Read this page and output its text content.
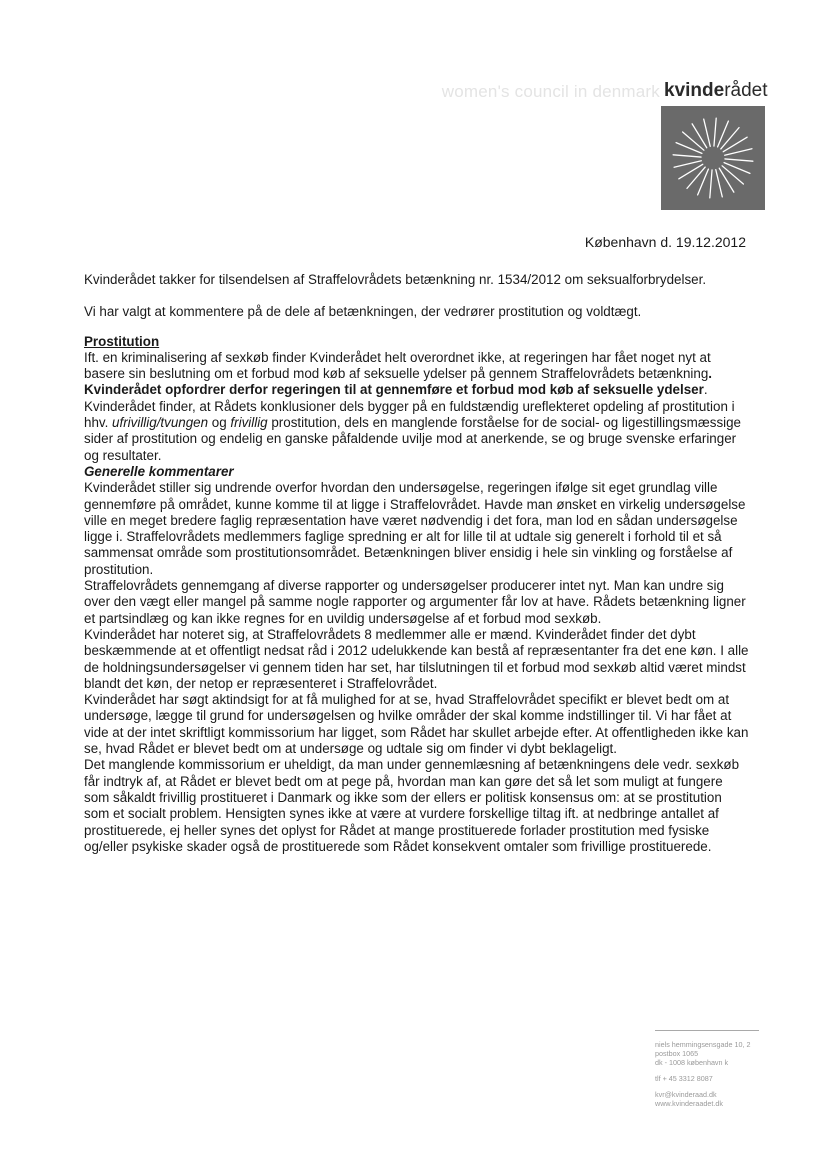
women's council in denmark kvinderådet
København d. 19.12.2012

Kvinderådet takker for tilsendelsen af Straffelovrådets betænkning nr. 1534/2012 om seksualforbrydelser.

Vi har valgt at kommentere på de dele af betænkningen, der vedrører prostitution og voldtægt.

Prostitution

Ift. en kriminalisering af sexkøb finder Kvinderådet helt overordnet ikke, at regeringen har fået noget nyt at basere sin beslutning om et forbud mod køb af seksuelle ydelser på gennem Straffelovrådets betænkning. Kvinderådet opfordrer derfor regeringen til at gennemføre et forbud mod køb af seksuelle ydelser.

Kvinderådet finder, at Rådets konklusioner dels bygger på en fuldstændig ureflekteret opdeling af prostitution i hhv. ufrivillig/tvungen og frivillig prostitution, dels en manglende forståelse for de social- og ligestillingsmæssige sider af prostitution og endelig en ganske påfaldende uvilje mod at anerkende, se og bruge svenske erfaringer og resultater.

Generelle kommentarer

Kvinderådet stiller sig undrende overfor hvordan den undersøgelse, regeringen ifølge sit eget grundlag ville gennemføre på området, kunne komme til at ligge i Straffelovrådet. Havde man ønsket en virkelig undersøgelse ville en meget bredere faglig repræsentation have været nødvendig i det fora, man lod en sådan undersøgelse ligge i. Straffelovrådets medlemmers faglige spredning er alt for lille til at udtale sig generelt i forhold til et så sammensat område som prostitutionsområdet. Betænkningen bliver ensidig i hele sin vinkling og forståelse af prostitution.

Straffelovrådets gennemgang af diverse rapporter og undersøgelser producerer intet nyt. Man kan undre sig over den vægt eller mangel på samme nogle rapporter og argumenter får lov at have. Rådets betænkning ligner et partsindlæg og kan ikke regnes for en uvildig undersøgelse af et forbud mod sexkøb.

Kvinderådet har noteret sig, at Straffelovrådets 8 medlemmer alle er mænd. Kvinderådet finder det dybt beskæmmende at et offentligt nedsat råd i 2012 udelukkende kan bestå af repræsentanter fra det ene køn. I alle de holdningsundersøgelser vi gennem tiden har set, har tilslutningen til et forbud mod sexkøb altid været mindst blandt det køn, der netop er repræsenteret i Straffelovrådet.

Kvinderådet har søgt aktindsigt for at få mulighed for at se, hvad Straffelovrådet specifikt er blevet bedt om at undersøge, lægge til grund for undersøgelsen og hvilke områder der skal komme indstillinger til. Vi har fået at vide at der intet skriftligt kommissorium har ligget, som Rådet har skullet arbejde efter. At offentligheden ikke kan se, hvad Rådet er blevet bedt om at undersøge og udtale sig om finder vi dybt beklageligt.

Det manglende kommissorium er uheldigt, da man under gennemlæsning af betænkningens dele vedr. sexkøb får indtryk af, at Rådet er blevet bedt om at pege på, hvordan man kan gøre det så let som muligt at fungere som såkaldt frivillig prostitueret i Danmark og ikke som der ellers er politisk konsensus om: at se prostitution som et socialt problem. Hensigten synes ikke at være at vurdere forskellige tiltag ift. at nedbringe antallet af prostituerede, ej heller synes det oplyst for Rådet at mange prostituerede forlader prostitution med fysiske og/eller psykiske skader også de prostituerede som Rådet konsekvent omtaler som frivillige prostituerede.

niels hemmingsensgade 10, 2
postbox 1065
dk - 1008 københavn k
tlf + 45 3312 8087
kvr@kvinderaad.dk
www.kvinderaadet.dk
